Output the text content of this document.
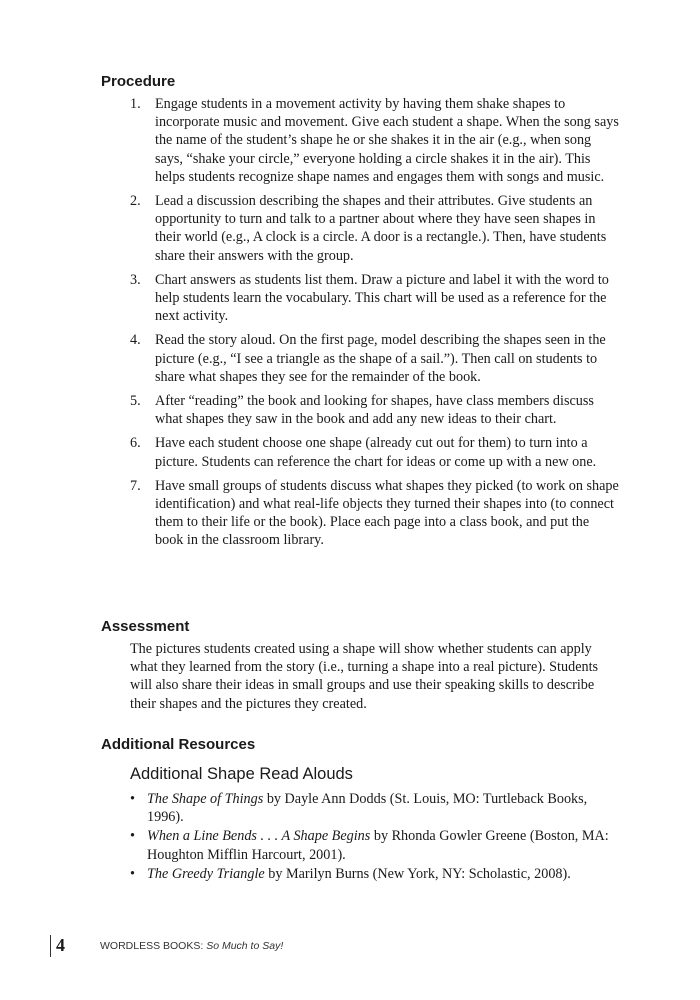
Procedure
1. Engage students in a movement activity by having them shake shapes to incorporate music and movement. Give each student a shape. When the song says the name of the student’s shape he or she shakes it in the air (e.g., when song says, “shake your circle,” everyone holding a circle shakes it in the air). This helps students recognize shape names and engages them with songs and music.
2. Lead a discussion describing the shapes and their attributes. Give students an opportunity to turn and talk to a partner about where they have seen shapes in their world (e.g., A clock is a circle. A door is a rectangle.). Then, have students share their answers with the group.
3. Chart answers as students list them. Draw a picture and label it with the word to help students learn the vocabulary. This chart will be used as a reference for the next activity.
4. Read the story aloud. On the first page, model describing the shapes seen in the picture (e.g., “I see a triangle as the shape of a sail.”). Then call on students to share what shapes they see for the remainder of the book.
5. After “reading” the book and looking for shapes, have class members discuss what shapes they saw in the book and add any new ideas to their chart.
6. Have each student choose one shape (already cut out for them) to turn into a picture. Students can reference the chart for ideas or come up with a new one.
7. Have small groups of students discuss what shapes they picked (to work on shape identification) and what real-life objects they turned their shapes into (to connect them to their life or the book). Place each page into a class book, and put the book in the classroom library.
Assessment

The pictures students created using a shape will show whether students can apply what they learned from the story (i.e., turning a shape into a real picture). Students will also share their ideas in small groups and use their speaking skills to describe their shapes and the pictures they created.

Additional Resources
Additional Shape Read Alouds
• The Shape of Things by Dayle Ann Dodds (St. Louis, MO: Turtleback Books, 1996).
• When a Line Bends . . . A Shape Begins by Rhonda Gowler Greene (Boston, MA: Houghton Mifflin Harcourt, 2001).
• The Greedy Triangle by Marilyn Burns (New York, NY: Scholastic, 2008).
4	WORDLESS BOOKS: So Much to Say!
